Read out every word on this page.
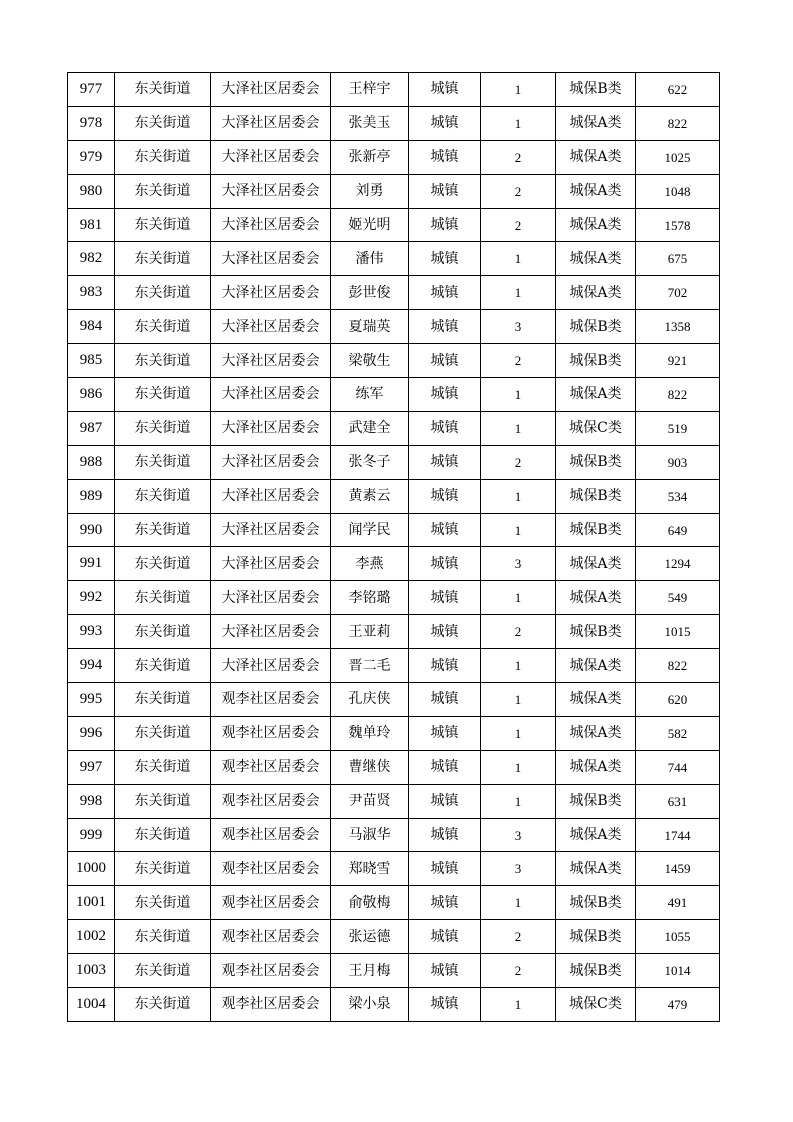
977	东关街道	大泽社区居委会	王梓宇	城镇	1	城保B类	622
978	东关街道	大泽社区居委会	张美玉	城镇	1	城保A类	822
979	东关街道	大泽社区居委会	张新亭	城镇	2	城保A类	1025
980	东关街道	大泽社区居委会	刘勇	城镇	2	城保A类	1048
981	东关街道	大泽社区居委会	姬光明	城镇	2	城保A类	1578
982	东关街道	大泽社区居委会	潘伟	城镇	1	城保A类	675
983	东关街道	大泽社区居委会	彭世俊	城镇	1	城保A类	702
984	东关街道	大泽社区居委会	夏瑞英	城镇	3	城保B类	1358
985	东关街道	大泽社区居委会	梁敬生	城镇	2	城保B类	921
986	东关街道	大泽社区居委会	练军	城镇	1	城保A类	822
987	东关街道	大泽社区居委会	武建全	城镇	1	城保C类	519
988	东关街道	大泽社区居委会	张冬子	城镇	2	城保B类	903
989	东关街道	大泽社区居委会	黄素云	城镇	1	城保B类	534
990	东关街道	大泽社区居委会	闻学民	城镇	1	城保B类	649
991	东关街道	大泽社区居委会	李燕	城镇	3	城保A类	1294
992	东关街道	大泽社区居委会	李铭璐	城镇	1	城保A类	549
993	东关街道	大泽社区居委会	王亚莉	城镇	2	城保B类	1015
994	东关街道	大泽社区居委会	晋二毛	城镇	1	城保A类	822
995	东关街道	观李社区居委会	孔庆侠	城镇	1	城保A类	620
996	东关街道	观李社区居委会	魏单玲	城镇	1	城保A类	582
997	东关街道	观李社区居委会	曹继侠	城镇	1	城保A类	744
998	东关街道	观李社区居委会	尹苗贤	城镇	1	城保B类	631
999	东关街道	观李社区居委会	马淑华	城镇	3	城保A类	1744
1000	东关街道	观李社区居委会	郑晓雪	城镇	3	城保A类	1459
1001	东关街道	观李社区居委会	俞敬梅	城镇	1	城保B类	491
1002	东关街道	观李社区居委会	张运德	城镇	2	城保B类	1055
1003	东关街道	观李社区居委会	王月梅	城镇	2	城保B类	1014
1004	东关街道	观李社区居委会	梁小泉	城镇	1	城保C类	479
